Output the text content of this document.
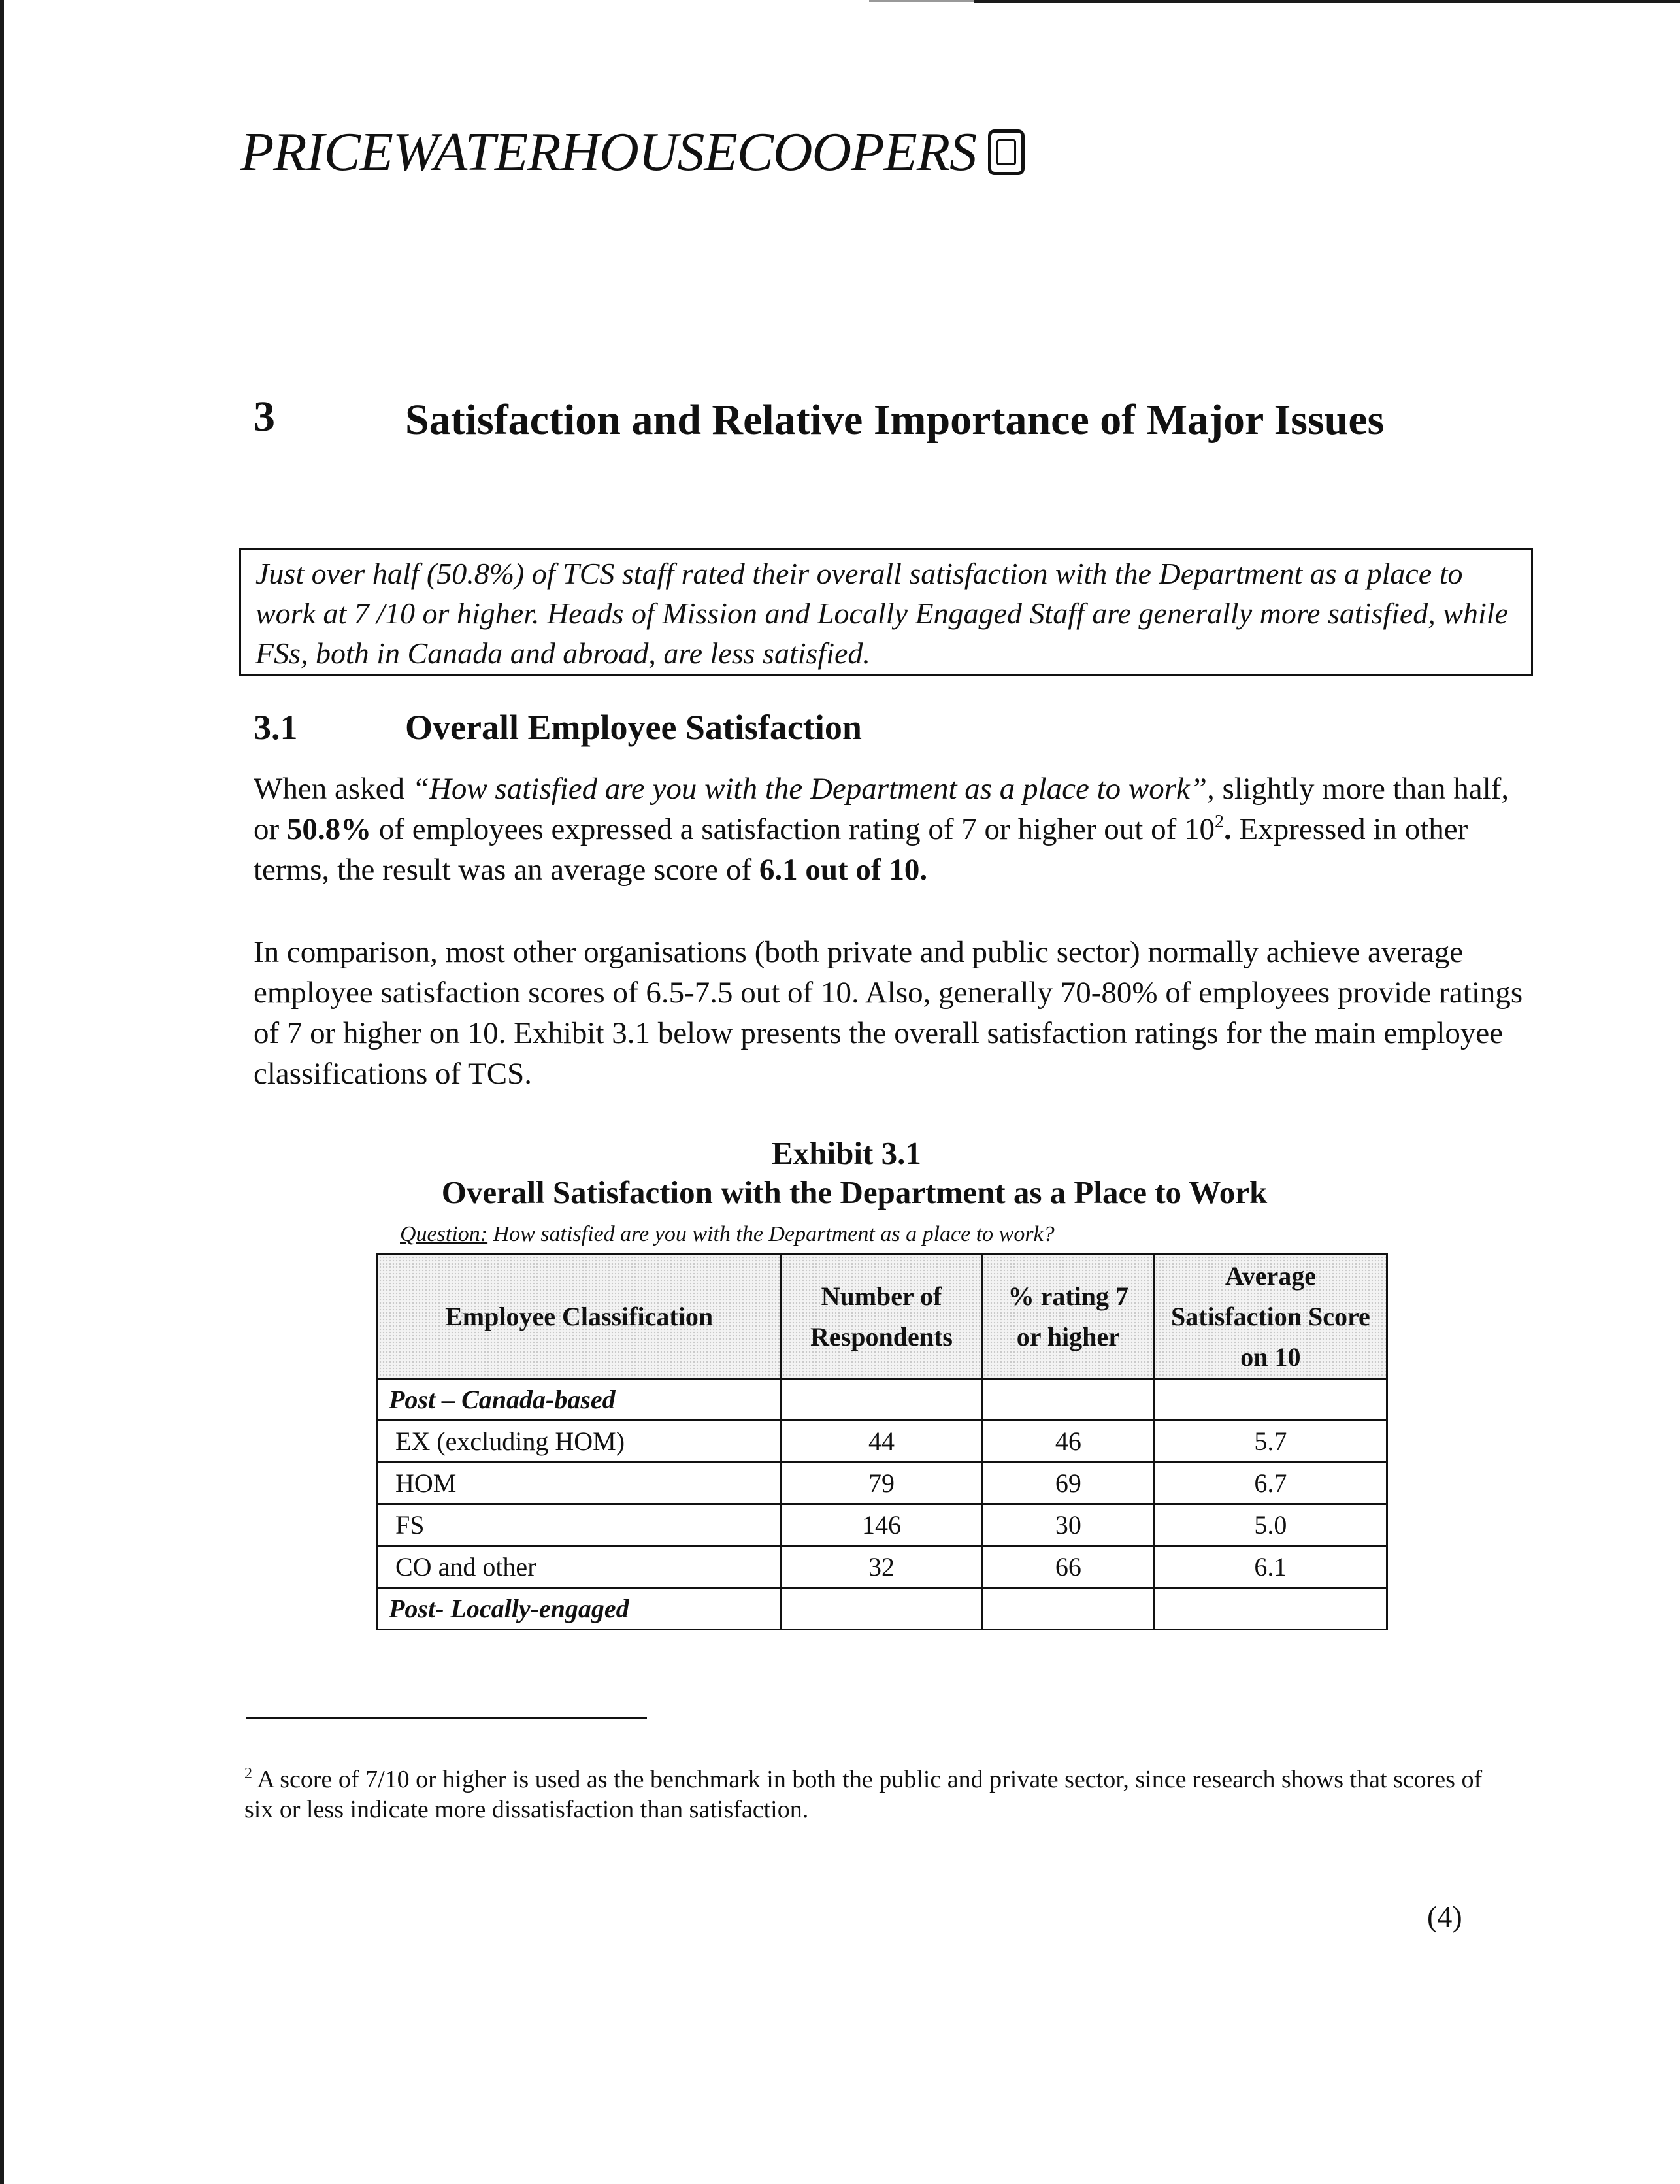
PRICEWATERHOUSECOOPERS
3	Satisfaction and Relative Importance of Major Issues
Just over half (50.8%) of TCS staff rated their overall satisfaction with the Department as a place to work at 7 /10 or higher. Heads of Mission and Locally Engaged Staff are generally more satisfied, while FSs, both in Canada and abroad, are less satisfied.
3.1	Overall Employee Satisfaction
When asked “How satisfied are you with the Department as a place to work”, slightly more than half, or 50.8% of employees expressed a satisfaction rating of 7 or higher out of $10^2$. Expressed in other terms, the result was an average score of 6.1 out of 10.
In comparison, most other organisations (both private and public sector) normally achieve average employee satisfaction scores of 6.5-7.5 out of 10. Also, generally 70-80% of employees provide ratings of 7 or higher on 10. Exhibit 3.1 below presents the overall satisfaction ratings for the main employee classifications of TCS.
Exhibit 3.1
Overall Satisfaction with the Department as a Place to Work
Question: How satisfied are you with the Department as a place to work?
Employee Classification	Number of Respondents	% rating 7 or higher	Average Satisfaction Score on 10
Post – Canada-based			
EX (excluding HOM)	44	46	5.7
HOM	79	69	6.7
FS	146	30	5.0
CO and other	32	66	6.1
Post- Locally-engaged			
$^2$ A score of 7/10 or higher is used as the benchmark in both the public and private sector, since research shows that scores of six or less indicate more dissatisfaction than satisfaction.
(4)
